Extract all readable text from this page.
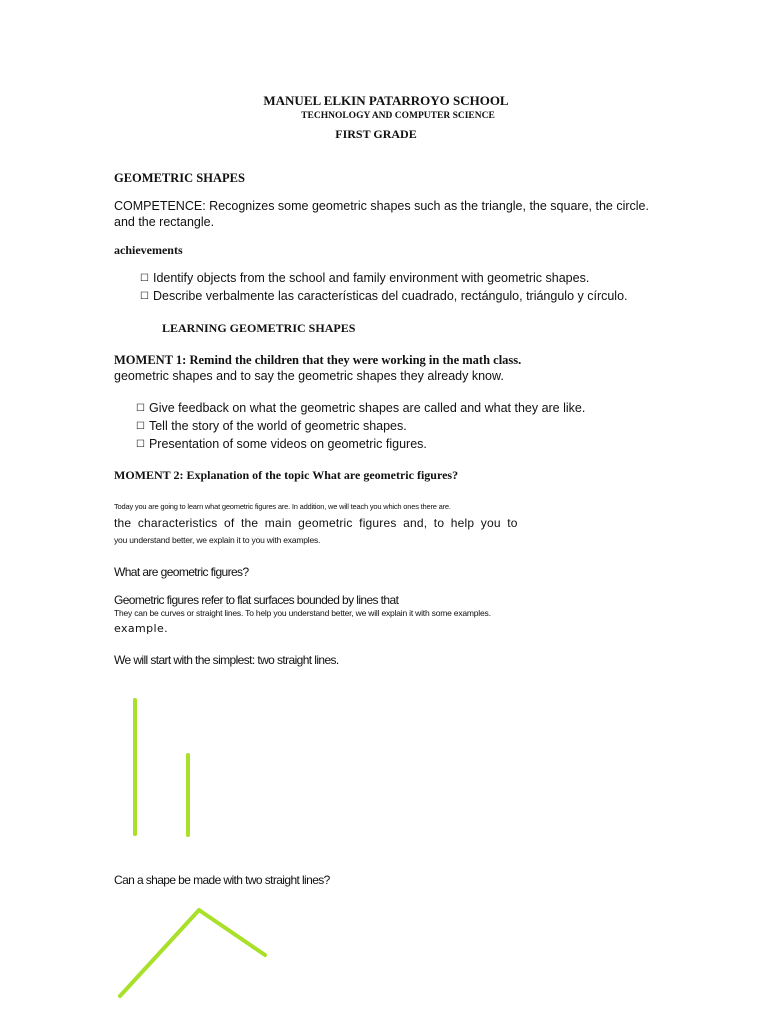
MANUEL ELKIN PATARROYO SCHOOL

TECHNOLOGY AND COMPUTER SCIENCE

FIRST GRADE

GEOMETRIC SHAPES

COMPETENCE: Recognizes some geometric shapes such as the triangle, the square, the circle. and the rectangle.

achievements

☐ Identify objects from the school and family environment with geometric shapes.
☐ Describe verbalmente las características del cuadrado, rectángulo, triángulo y círculo.

LEARNING GEOMETRIC SHAPES

MOMENT 1: Remind the children that they were working in the math class.

geometric shapes and to say the geometric shapes they already know.

☐ Give feedback on what the geometric shapes are called and what they are like.
☐ Tell the story of the world of geometric shapes.
☐ Presentation of some videos on geometric figures.

MOMENT 2: Explanation of the topic What are geometric figures?

Today you are going to learn what geometric figures are. In addition, we will teach you which ones there are.

the characteristics of the main geometric figures and, to help you to

you understand better, we explain it to you with examples.

What are geometric figures?

Geometric figures refer to flat surfaces bounded by lines that

They can be curves or straight lines. To help you understand better, we will explain it with some examples.

example.

We will start with the simplest: two straight lines.

Can a shape be made with two straight lines?
